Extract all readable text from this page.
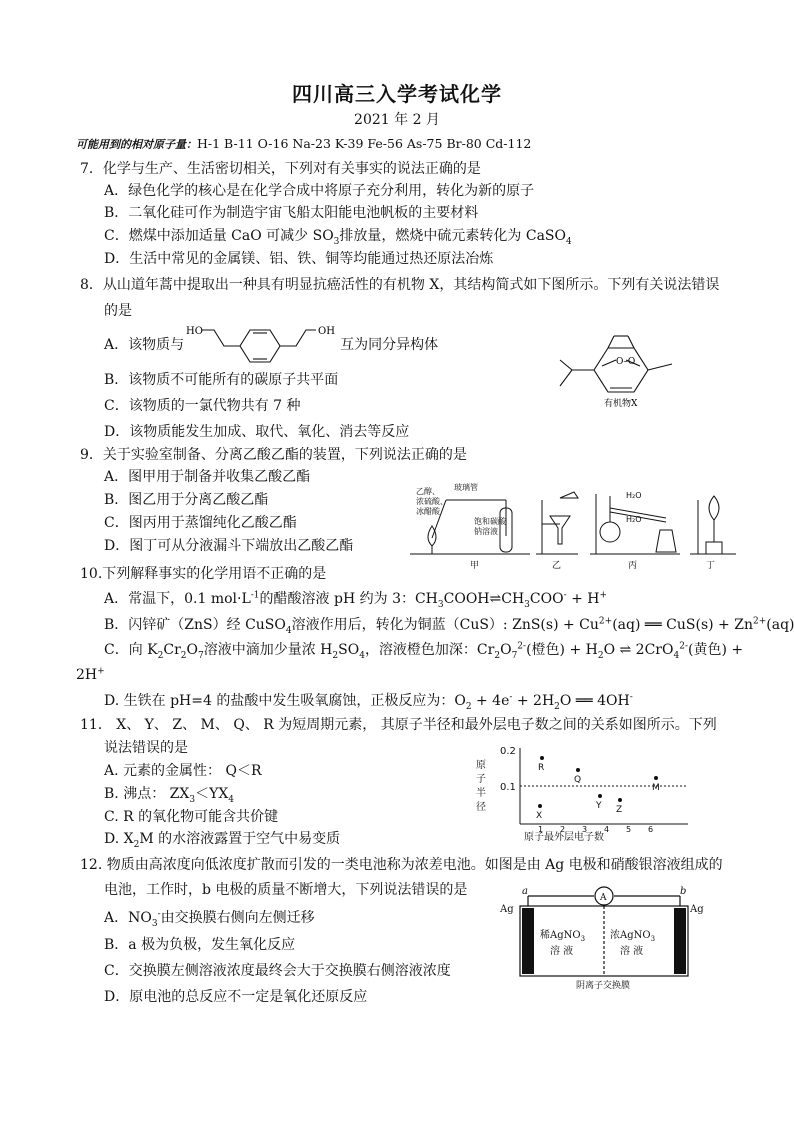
四川高三入学考试化学
2021 年 2 月
可能用到的相对原子量：H-1 B-11 O-16 Na-23 K-39 Fe-56 As-75 Br-80 Cd-112
7．化学与生产、生活密切相关，下列对有关事实的说法正确的是
A．绿色化学的核心是在化学合成中将原子充分利用，转化为新的原子
B．二氧化硅可作为制造宇宙飞船太阳能电池帆板的主要材料
C．燃煤中添加适量 CaO 可减少 $SO_3$排放量，燃烧中硫元素转化为 CaSO$_4$
D．生活中常见的金属镁、铝、铁、铜等均能通过热还原法冶炼
8．从山道年蒿中提取出一种具有明显抗癌活性的有机物 X，其结构简式如下图所示。下列有关说法错误
的是
A．该物质与	互为同分异构体
HO	OH
B．该物质不可能所有的碳原子共平面
C．该物质的一氯代物共有 7 种
D．该物质能发生加成、取代、氧化、消去等反应
O–O
有机物X
9．关于实验室制备、分离乙酸乙酯的装置，下列说法正确的是
A．图甲用于制备并收集乙酸乙酯
B．图乙用于分离乙酸乙酯
C．图丙用于蒸馏纯化乙酸乙酯
D．图丁可从分液漏斗下端放出乙酸乙酯
乙醇、
浓硫酸、
冰醋酸
玻璃管
饱和碳酸
钠溶液
H₂O
H₂O
甲	乙	丙	丁
10.下列解释事实的化学用语不正确的是
A．常温下，0.1 $mol\cdot L^{-1}$的醋酸溶液 pH 约为 3：$CH_3COOH\rightleftharpoons CH_3COO^- + H^+$
B．闪锌矿（ZnS）经 CuSO$_4$溶液作用后，转化为铜蓝（CuS）: $ZnS(s) + Cu^{2+}(aq)$ ══ $CuS(s) + Zn^{2+}(aq)$
C．向 $K_2Cr_2O_7$溶液中滴加少量浓 $H_2SO_4$，溶液橙色加深：$Cr_2O_7^{2-}$(橙色) + $H_2O$ ⇌ 2CrO$_4^{2-}$(黄色) +
2H+
D. 生铁在 pH=4 的盐酸中发生吸氧腐蚀，正极反应为：$O_2 + 4e^- + 2H_2O$ ══ 4OH-
11． X、 Y、 Z、 M、 Q、 R 为短周期元素， 其原子半径和最外层电子数之间的关系如图所示。下列
说法错误的是
A. 元素的金属性： Q＜R
B. 沸点： $ZX_3<YX_4$
C. R 的氧化物可能含共价键
D. $X_2M$ 的水溶液露置于空气中易变质
0.2
0.1
原
子
半
径
原子最外层电子数
1 2 3 4 5 6
X
R
Q
Y Z
M
12. 物质由高浓度向低浓度扩散而引发的一类电池称为浓差电池。如图是由 Ag 电极和硝酸银溶液组成的
电池，工作时，b 电极的质量不断增大，下列说法错误的是
A．$NO_3^-$由交换膜右侧向左侧迁移
B．a 极为负极，发生氧化反应
C．交换膜左侧溶液浓度最终会大于交换膜右侧溶液浓度
D．原电池的总反应不一定是氧化还原反应
A
a	b
Ag	Ag
稀AgNO$_3$
溶 液
浓AgNO$_3$
溶 液
阴离子交换膜
